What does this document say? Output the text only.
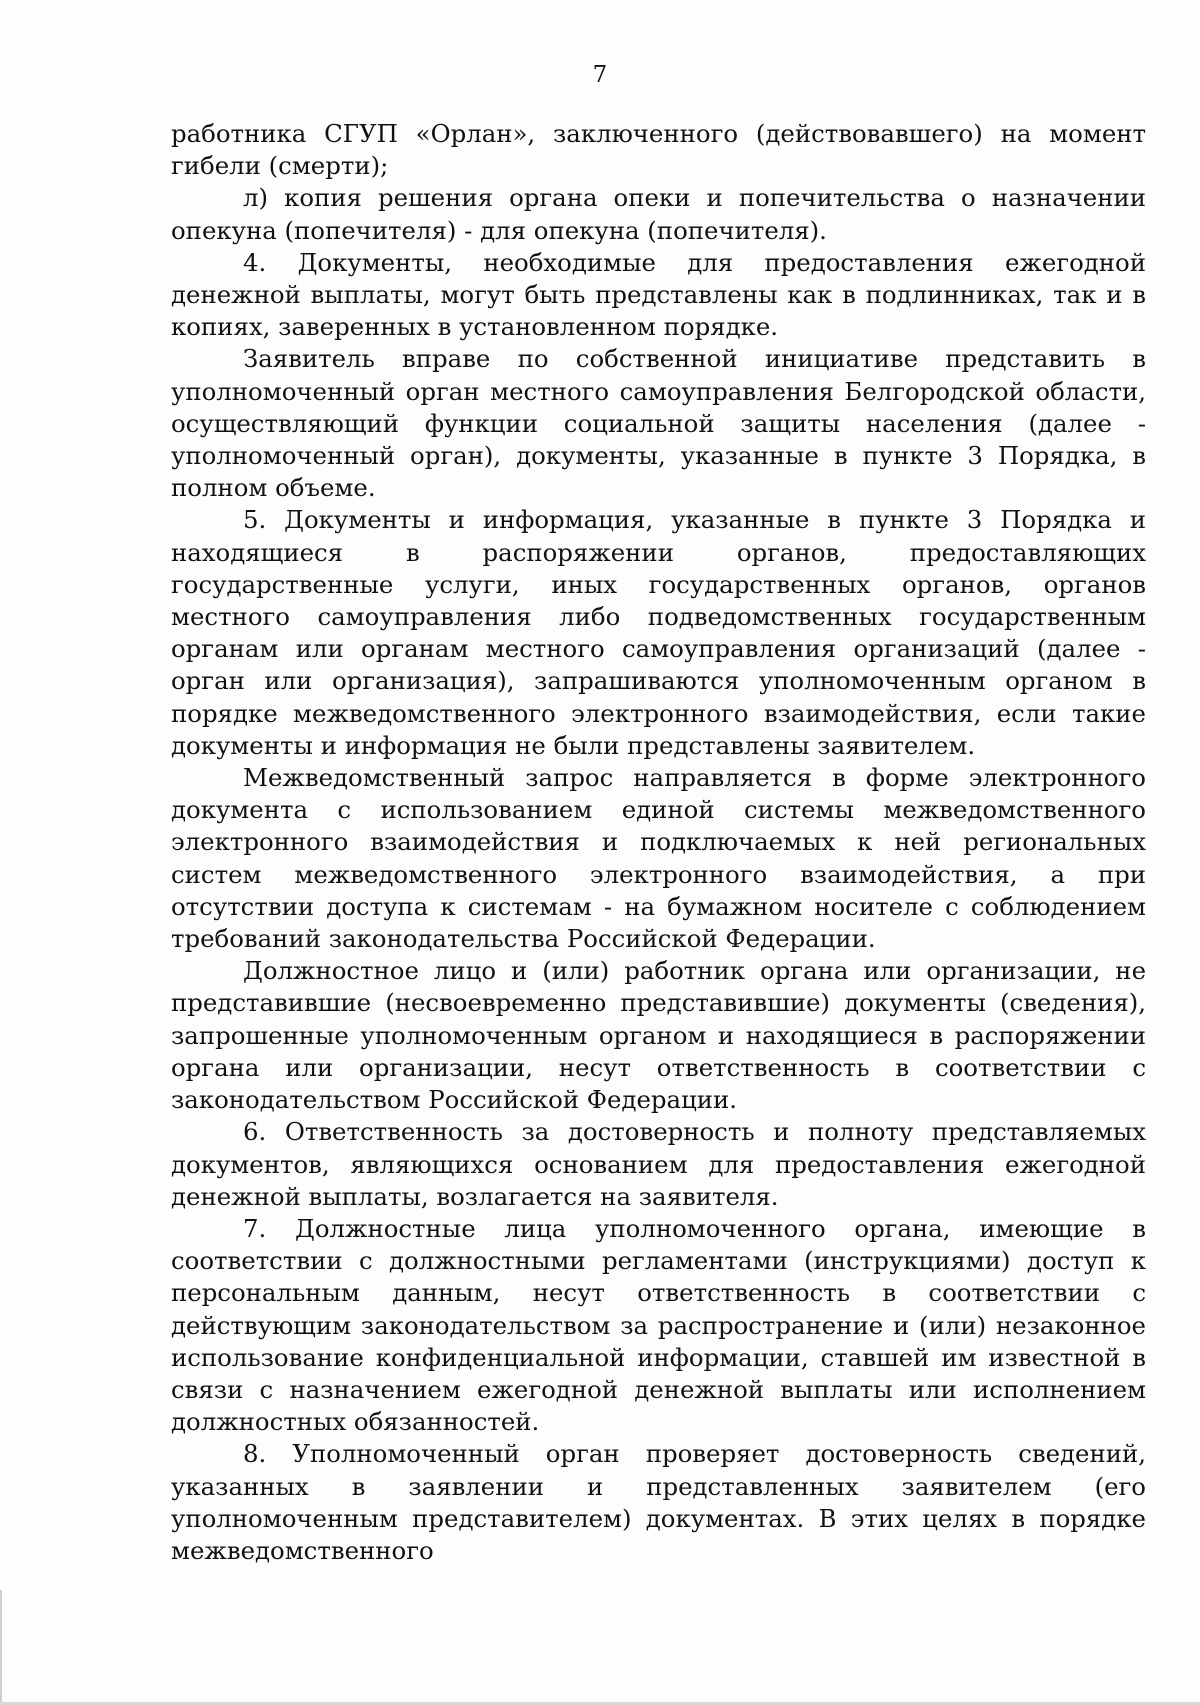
7

работника СГУП «Орлан», заключенного (действовавшего) на момент гибели (смерти);

л) копия решения органа опеки и попечительства о назначении опекуна (попечителя) - для опекуна (попечителя).

4. Документы, необходимые для предоставления ежегодной денежной выплаты, могут быть представлены как в подлинниках, так и в копиях, заверенных в установленном порядке.

Заявитель вправе по собственной инициативе представить в уполномоченный орган местного самоуправления Белгородской области, осуществляющий функции социальной защиты населения (далее - уполномоченный орган), документы, указанные в пункте 3 Порядка, в полном объеме.

5. Документы и информация, указанные в пункте 3 Порядка и находящиеся в распоряжении органов, предоставляющих государственные услуги, иных государственных органов, органов местного самоуправления либо подведомственных государственным органам или органам местного самоуправления организаций (далее - орган или организация), запрашиваются уполномоченным органом в порядке межведомственного электронного взаимодействия, если такие документы и информация не были представлены заявителем.

Межведомственный запрос направляется в форме электронного документа с использованием единой системы межведомственного электронного взаимодействия и подключаемых к ней региональных систем межведомственного электронного взаимодействия, а при отсутствии доступа к системам - на бумажном носителе с соблюдением требований законодательства Российской Федерации.

Должностное лицо и (или) работник органа или организации, не представившие (несвоевременно представившие) документы (сведения), запрошенные уполномоченным органом и находящиеся в распоряжении органа или организации, несут ответственность в соответствии с законодательством Российской Федерации.

6. Ответственность за достоверность и полноту представляемых документов, являющихся основанием для предоставления ежегодной денежной выплаты, возлагается на заявителя.

7. Должностные лица уполномоченного органа, имеющие в соответствии с должностными регламентами (инструкциями) доступ к персональным данным, несут ответственность в соответствии с действующим законодательством за распространение и (или) незаконное использование конфиденциальной информации, ставшей им известной в связи с назначением ежегодной денежной выплаты или исполнением должностных обязанностей.

8. Уполномоченный орган проверяет достоверность сведений, указанных в заявлении и представленных заявителем (его уполномоченным представителем) документах. В этих целях в порядке межведомственного
